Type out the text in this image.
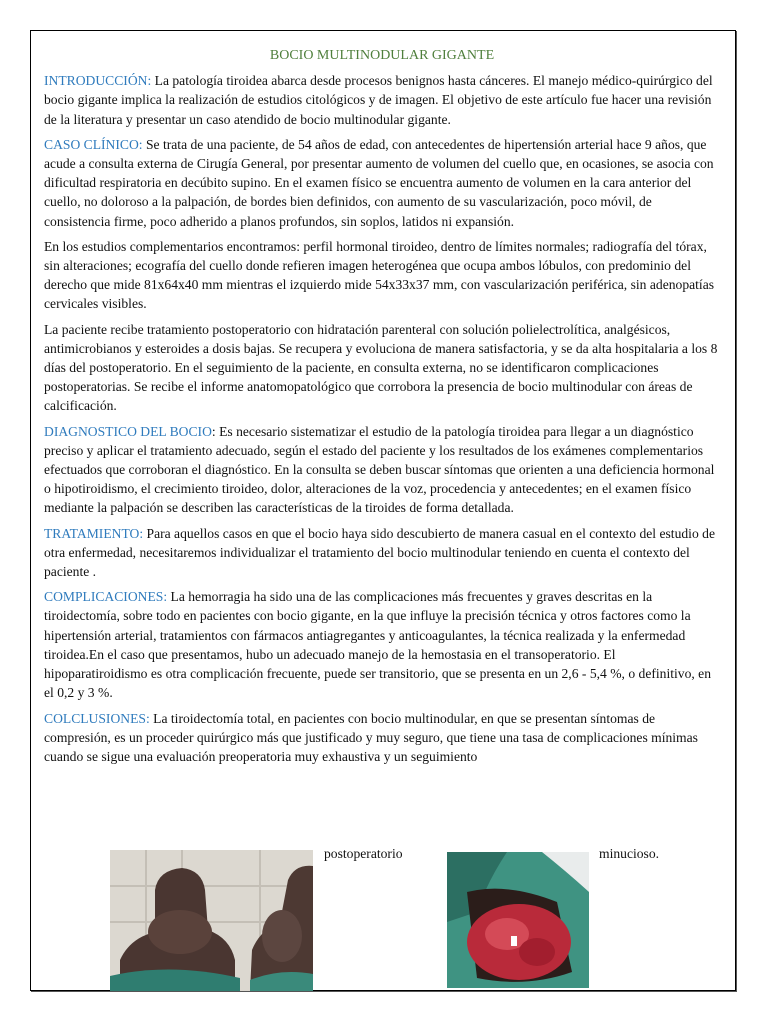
BOCIO MULTINODULAR GIGANTE

INTRODUCCIÓN: La patología tiroidea abarca desde procesos benignos hasta cánceres. El manejo médico-quirúrgico del bocio gigante implica la realización de estudios citológicos y de imagen. El objetivo de este artículo fue hacer una revisión de la literatura y presentar un caso atendido de bocio multinodular gigante.

CASO CLÍNICO: Se trata de una paciente, de 54 años de edad, con antecedentes de hipertensión arterial hace 9 años, que acude a consulta externa de Cirugía General, por presentar aumento de volumen del cuello que, en ocasiones, se asocia con dificultad respiratoria en decúbito supino. En el examen físico se encuentra aumento de volumen en la cara anterior del cuello, no doloroso a la palpación, de bordes bien definidos, con aumento de su vascularización, poco móvil, de consistencia firme, poco adherido a planos profundos, sin soplos, latidos ni expansión.

En los estudios complementarios encontramos: perfil hormonal tiroideo, dentro de límites normales; radiografía del tórax, sin alteraciones; ecografía del cuello donde refieren imagen heterogénea que ocupa ambos lóbulos, con predominio del derecho que mide 81x64x40 mm mientras el izquierdo mide 54x33x37 mm, con vascularización periférica, sin adenopatías cervicales visibles.

La paciente recibe tratamiento postoperatorio con hidratación parenteral con solución polielectrolítica, analgésicos, antimicrobianos y esteroides a dosis bajas. Se recupera y evoluciona de manera satisfactoria, y se da alta hospitalaria a los 8 días del postoperatorio. En el seguimiento de la paciente, en consulta externa, no se identificaron complicaciones postoperatorias. Se recibe el informe anatomopatológico que corrobora la presencia de bocio multinodular con áreas de calcificación.

DIAGNOSTICO DEL BOCIO: Es necesario sistematizar el estudio de la patología tiroidea para llegar a un diagnóstico preciso y aplicar el tratamiento adecuado, según el estado del paciente y los resultados de los exámenes complementarios efectuados que corroboran el diagnóstico. En la consulta se deben buscar síntomas que orienten a una deficiencia hormonal o hipotiroidismo, el crecimiento tiroideo, dolor, alteraciones de la voz, procedencia y antecedentes; en el examen físico mediante la palpación se describen las características de la tiroides de forma detallada.

TRATAMIENTO: Para aquellos casos en que el bocio haya sido descubierto de manera casual en el contexto del estudio de otra enfermedad, necesitaremos individualizar el tratamiento del bocio multinodular teniendo en cuenta el contexto del paciente .

COMPLICACIONES: La hemorragia ha sido una de las complicaciones más frecuentes y graves descritas en la tiroidectomía, sobre todo en pacientes con bocio gigante, en la que influye la precisión técnica y otros factores como la hipertensión arterial, tratamientos con fármacos antiagregantes y anticoagulantes, la técnica realizada y la enfermedad tiroidea.En el caso que presentamos, hubo un adecuado manejo de la hemostasia en el transoperatorio. El hipoparatiroidismo es otra complicación frecuente, puede ser transitorio, que se presenta en un 2,6 - 5,4 %, o definitivo, en el 0,2 y 3 %.

COLCLUSIONES: La tiroidectomía total, en pacientes con bocio multinodular, en que se presentan síntomas de compresión, es un proceder quirúrgico más que justificado y muy seguro, que tiene una tasa de complicaciones mínimas cuando se sigue una evaluación preoperatoria muy exhaustiva y un seguimiento

postoperatorio	minucioso.
